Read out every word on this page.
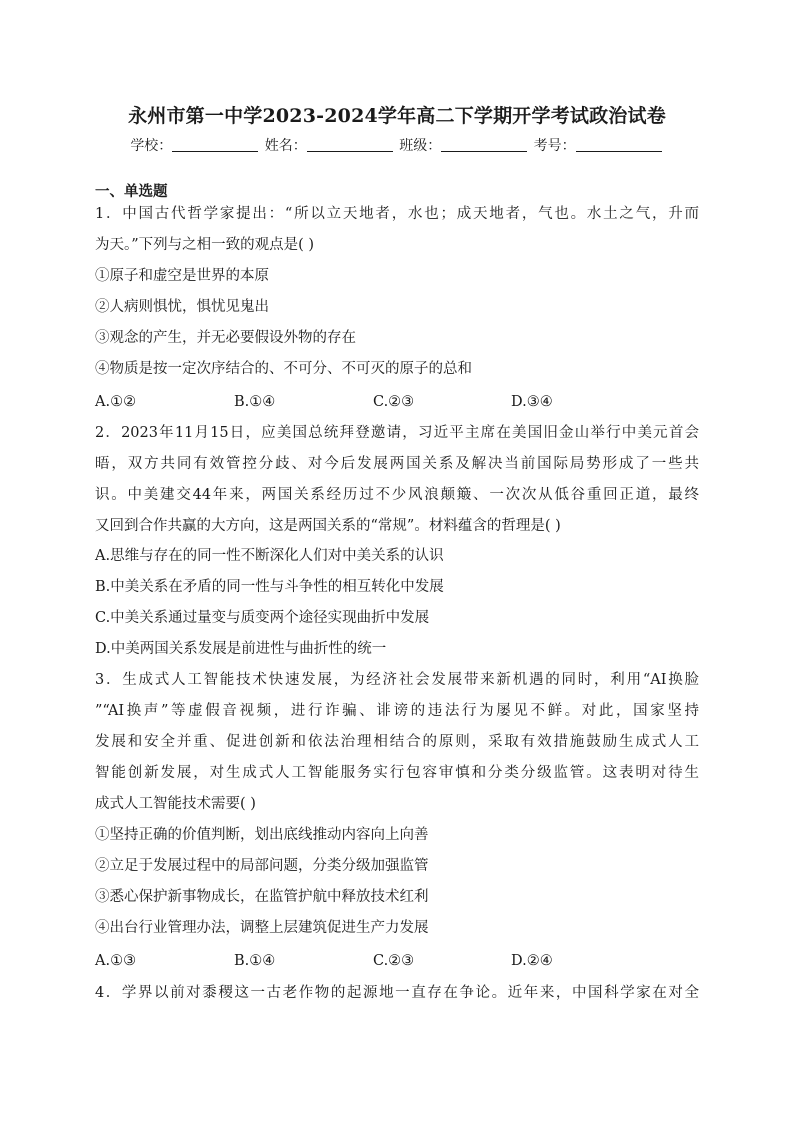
永州市第一中学2023-2024学年高二下学期开学考试政治试卷
学校：	姓名：	班级：	考号：
一、单选题
1．中国古代哲学家提出：“所以立天地者，水也；成天地者，气也。水土之气，升而
为天。”下列与之相一致的观点是( )
①原子和虚空是世界的本原
②人病则惧忧，惧忧见鬼出
③观念的产生，并无必要假设外物的存在
④物质是按一定次序结合的、不可分、不可灭的原子的总和
A.①②	B.①④	C.②③	D.③④
2．2023年11月15日，应美国总统拜登邀请，习近平主席在美国旧金山举行中美元首会
晤，双方共同有效管控分歧、对今后发展两国关系及解决当前国际局势形成了一些共
识。中美建交44年来，两国关系经历过不少风浪颠簸、一次次从低谷重回正道，最终
又回到合作共赢的大方向，这是两国关系的“常规”。材料蕴含的哲理是( )
A.思维与存在的同一性不断深化人们对中美关系的认识
B.中美关系在矛盾的同一性与斗争性的相互转化中发展
C.中美关系通过量变与质变两个途径实现曲折中发展
D.中美两国关系发展是前进性与曲折性的统一
3．生成式人工智能技术快速发展，为经济社会发展带来新机遇的同时，利用“AI换脸
”“AI换声”等虚假音视频，进行诈骗、诽谤的违法行为屡见不鲜。对此，国家坚持
发展和安全并重、促进创新和依法治理相结合的原则，采取有效措施鼓励生成式人工
智能创新发展，对生成式人工智能服务实行包容审慎和分类分级监管。这表明对待生
成式人工智能技术需要( )
①坚持正确的价值判断，划出底线推动内容向上向善
②立足于发展过程中的局部问题，分类分级加强监管
③悉心保护新事物成长，在监管护航中释放技术红利
④出台行业管理办法，调整上层建筑促进生产力发展
A.①③	B.①④	C.②③	D.②④
4．学界以前对黍稷这一古老作物的起源地一直存在争论。近年来，中国科学家在对全
